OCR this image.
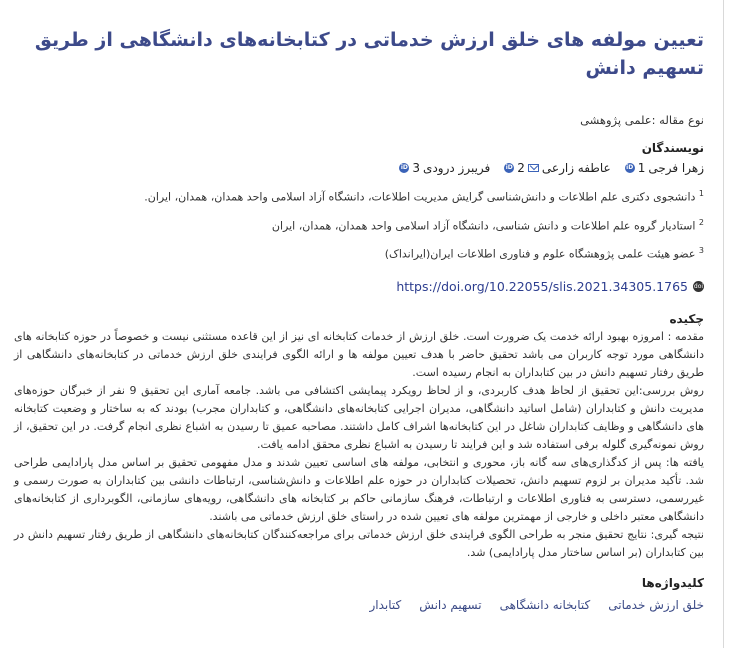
تعیین مولفه های خلق ارزش خدماتی در کتابخانه‌های دانشگاهی از طریق تسهیم دانش
نوع مقاله :علمی پژوهشی
نویسندگان
زهرا فرجی
1
iD
عاطفه زارعی
2
iD
فریبرز درودی
3
iD
$^1$ دانشجوی دکتری علم اطلاعات و دانش‌شناسی گرایش مدیریت اطلاعات، دانشگاه آزاد اسلامی واحد همدان، همدان، ایران.
$^2$ استادیار گروه علم اطلاعات و دانش شناسی، دانشگاه آزاد اسلامی واحد همدان، همدان، ایران
$^3$ عضو هیئت علمی پژوهشگاه علوم و فناوری اطلاعات ایران(ایرانداک)
doi
https://doi.org/10.22055/slis.2021.34305.1765
چکیده

مقدمه : امروزه بهبود ارائه خدمت یک ضرورت است. خلق ارزش از خدمات کتابخانه ای نیز از این قاعده مستثنی نیست و خصوصاً در حوزه کتابخانه های دانشگاهی مورد توجه کاربران می باشد تحقیق حاضر با هدف تعیین مولفه ها و ارائه الگوی فرایندی خلق ارزش خدماتی در کتابخانه‌های دانشگاهی از طریق رفتار تسهیم دانش در بین کتابداران به انجام رسیده است.

روش بررسی:این تحقیق از لحاظ هدف کاربردی، و از لحاظ رویکرد پیمایشی اکتشافی می باشد. جامعه آماری این تحقیق 9 نفر از خبرگان حوزه‌های مدیریت دانش و کتابداران (شامل اساتید دانشگاهی، مدیران اجرایی کتابخانه‌های دانشگاهی، و کتابداران مجرب) بودند که به ساختار و وضعیت کتابخانه های دانشگاهی و وظایف کتابداران شاغل در این کتابخانه‌ها اشراف کامل داشتند. مصاحبه عمیق تا رسیدن به اشباع نظری انجام گرفت. در این تحقیق، از روش نمونه‌گیری گلوله برفی استفاده شد و این فرایند تا رسیدن به اشباع نظری محقق ادامه یافت.

یافته ها: پس از کدگذاری‌های سه گانه باز، محوری و انتخابی، مولفه های اساسی تعیین شدند و مدل مفهومی تحقیق بر اساس مدل پارادایمی طراحی شد. تأکید مدیران بر لزوم تسهیم دانش، تحصیلات کتابداران در حوزه علم اطلاعات و دانش‌شناسی، ارتباطات دانشی بین کتابداران به صورت رسمی و غیررسمی، دسترسی به فناوری اطلاعات و ارتباطات، فرهنگ سازمانی حاکم بر کتابخانه های دانشگاهی، رویه‌های سازمانی، الگوبرداری از کتابخانه‌های دانشگاهی معتبر داخلی و خارجی از مهمترین مولفه های تعیین شده در راستای خلق ارزش خدماتی می باشند.

نتیجه گیری: نتایج تحقیق منجر به طراحی الگوی فرایندی خلق ارزش خدماتی برای مراجعه‌کنندگان کتابخانه‌های دانشگاهی از طریق رفتار تسهیم دانش در بین کتابداران (بر اساس ساختار مدل پارادایمی) شد.

کلیدواژه‌ها
خلق ارزش خدماتی
کتابخانه دانشگاهی
تسهیم دانش
کتابدار
